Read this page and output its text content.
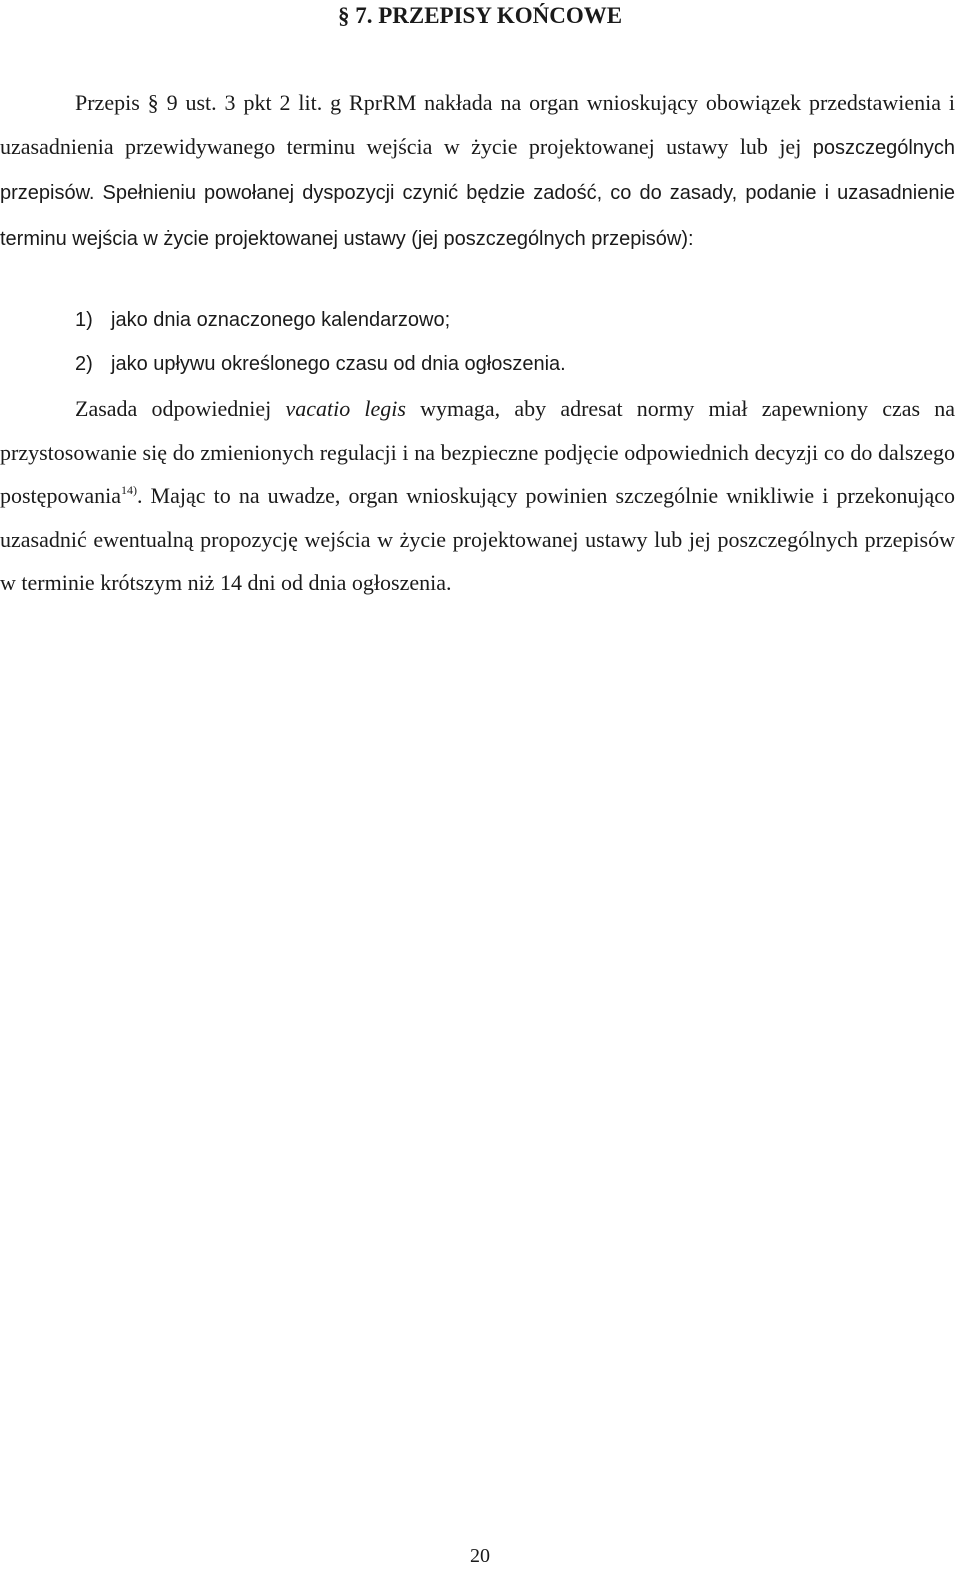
§ 7. PRZEPISY KOŃCOWE

Przepis § 9 ust. 3 pkt 2 lit. g RprRM nakłada na organ wnioskujący obowiązek przedstawienia i uzasadnienia przewidywanego terminu wejścia w życie projektowanej ustawy lub jej poszczególnych przepisów. Spełnieniu powołanej dyspozycji czynić będzie zadość, co do zasady, podanie i uzasadnienie terminu wejścia w życie projektowanej ustawy (jej poszczególnych przepisów):

1) jako dnia oznaczonego kalendarzowo;
2) jako upływu określonego czasu od dnia ogłoszenia.

Zasada odpowiedniej vacatio legis wymaga, aby adresat normy miał zapewniony czas na przystosowanie się do zmienionych regulacji i na bezpieczne podjęcie odpowiednich decyzji co do dalszego postępowania$^{14)}$. Mając to na uwadze, organ wnioskujący powinien szczególnie wnikliwie i przekonująco uzasadnić ewentualną propozycję wejścia w życie projektowanej ustawy lub jej poszczególnych przepisów w terminie krótszym niż 14 dni od dnia ogłoszenia.

20
